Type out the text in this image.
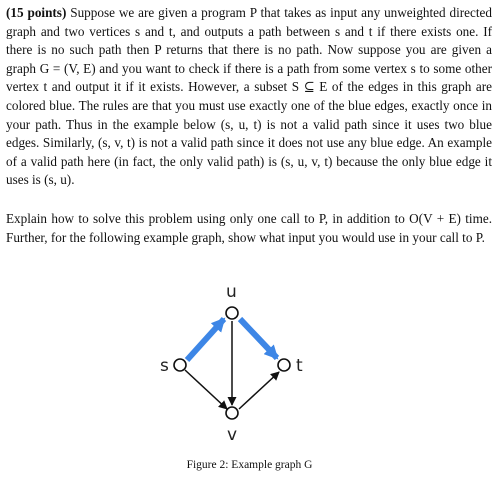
(15 points) Suppose we are given a program P that takes as input any unweighted directed graph and two vertices s and t, and outputs a path between s and t if there exists one. If there is no such path then P returns that there is no path. Now suppose you are given a graph G = (V, E) and you want to check if there is a path from some vertex s to some other vertex t and output it if it exists. However, a subset S ⊆ E of the edges in this graph are colored blue. The rules are that you must use exactly one of the blue edges, exactly once in your path. Thus in the example below (s, u, t) is not a valid path since it uses two blue edges. Similarly, (s, v, t) is not a valid path since it does not use any blue edge. An example of a valid path here (in fact, the only valid path) is (s, u, v, t) because the only blue edge it uses is (s, u).

Explain how to solve this problem using only one call to P, in addition to O(V + E) time. Further, for the following example graph, show what input you would use in your call to P.

u
s	t
v
Figure 2: Example graph G
